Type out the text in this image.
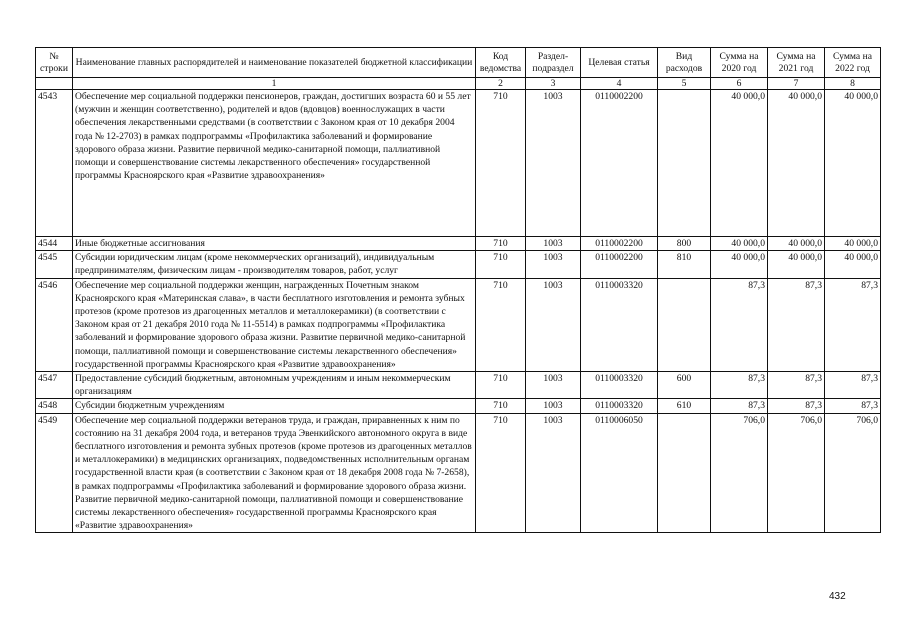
№ строки	Наименование главных распорядителей и наименование показателей бюджетной классификации	Код ведомства	Раздел-подраздел	Целевая статья	Вид расходов	Сумма на 2020 год	Сумма на 2021 год	Сумма на 2022 год
	1	2	3	4	5	6	7	8
4543	Обеспечение мер социальной поддержки пенсионеров, граждан, достигших возраста 60 и 55 лет (мужчин и женщин соответственно), родителей и вдов (вдовцов) военнослужащих в части обеспечения лекарственными средствами (в соответствии с Законом края от 10 декабря 2004 года № 12-2703) в рамках подпрограммы «Профилактика заболеваний и формирование здорового образа жизни. Развитие первичной медико-санитарной помощи, паллиативной помощи и совершенствование системы лекарственного обеспечения» государственной программы Красноярского края «Развитие здравоохранения»	710	1003	0110002200		40 000,0	40 000,0	40 000,0
4544	Иные бюджетные ассигнования	710	1003	0110002200	800	40 000,0	40 000,0	40 000,0
4545	Субсидии юридическим лицам (кроме некоммерческих организаций), индивидуальным предпринимателям, физическим лицам - производителям товаров, работ, услуг	710	1003	0110002200	810	40 000,0	40 000,0	40 000,0
4546	Обеспечение мер социальной поддержки женщин, награжденных Почетным знаком Красноярского края «Материнская слава», в части бесплатного изготовления и ремонта зубных протезов (кроме протезов из драгоценных металлов и металлокерамики) (в соответствии с Законом края от 21 декабря 2010 года № 11-5514) в рамках подпрограммы «Профилактика заболеваний и формирование здорового образа жизни. Развитие первичной медико-санитарной помощи, паллиативной помощи и совершенствование системы лекарственного обеспечения» государственной программы Красноярского края «Развитие здравоохранения»	710	1003	0110003320		87,3	87,3	87,3
4547	Предоставление субсидий бюджетным, автономным учреждениям и иным некоммерческим организациям	710	1003	0110003320	600	87,3	87,3	87,3
4548	Субсидии бюджетным учреждениям	710	1003	0110003320	610	87,3	87,3	87,3
4549	Обеспечение мер социальной поддержки ветеранов труда, и граждан, приравненных к ним по состоянию на 31 декабря 2004 года, и ветеранов труда Эвенкийского автономного округа в виде бесплатного изготовления и ремонта зубных протезов (кроме протезов из драгоценных металлов и металлокерамики) в медицинских организациях, подведомственных исполнительным органам государственной власти края (в соответствии с Законом края от 18 декабря 2008 года № 7-2658), в рамках подпрограммы «Профилактика заболеваний и формирование здорового образа жизни. Развитие первичной медико-санитарной помощи, паллиативной помощи и совершенствование системы лекарственного обеспечения» государственной программы Красноярского края «Развитие здравоохранения»	710	1003	0110006050		706,0	706,0	706,0
432
